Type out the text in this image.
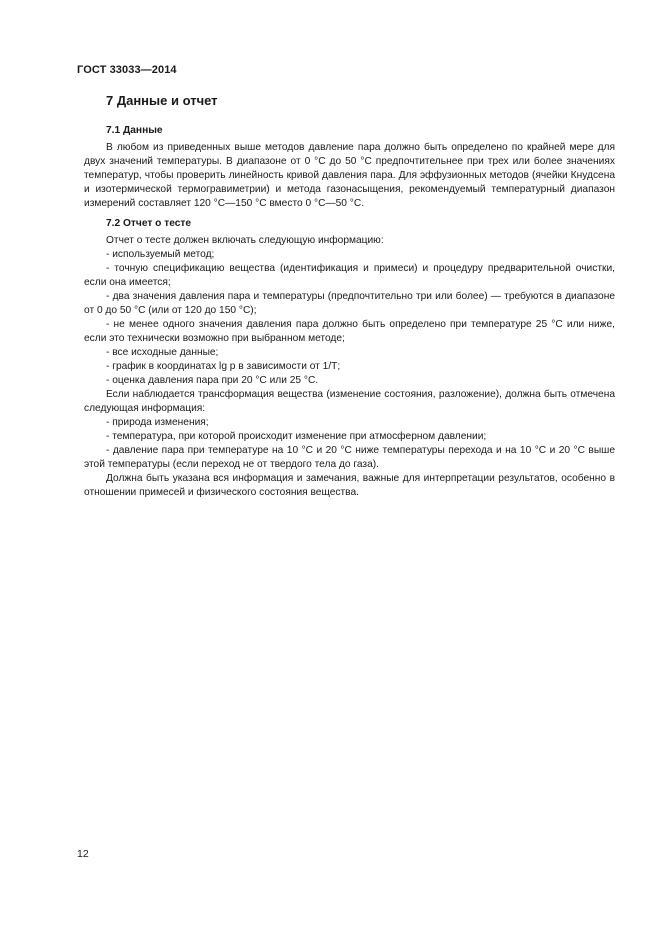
ГОСТ 33033—2014
7 Данные и отчет
7.1 Данные

В любом из приведенных выше методов давление пара должно быть определено по крайней мере для двух значений температуры. В диапазоне от 0 °С до 50 °С предпочтительнее при трех или более значениях температур, чтобы проверить линейность кривой давления пара. Для эффузионных методов (ячейки Кнудсена и изотермической термогравиметрии) и метода газонасыщения, рекомендуемый температурный диапазон измерений составляет 120 °С—150 °С вместо 0 °С—50 °С.

7.2 Отчет о тесте

Отчет о тесте должен включать следующую информацию:

- используемый метод;

- точную спецификацию вещества (идентификация и примеси) и процедуру предварительной очистки, если она имеется;

- два значения давления пара и температуры (предпочтительно три или более) — требуются в диапазоне от 0 до 50 °С (или от 120 до 150 °С);

- не менее одного значения давления пара должно быть определено при температуре 25 °С или ниже, если это технически возможно при выбранном методе;

- все исходные данные;

- график в координатах lg p в зависимости от 1/Т;

- оценка давления пара при 20 °С или 25 °С.

Если наблюдается трансформация вещества (изменение состояния, разложение), должна быть отмечена следующая информация:

- природа изменения;

- температура, при которой происходит изменение при атмосферном давлении;

- давление пара при температуре на 10 °С и 20 °С ниже температуры перехода и на 10 °С и 20 °С выше этой температуры (если переход не от твердого тела до газа).

Должна быть указана вся информация и замечания, важные для интерпретации результатов, особенно в отношении примесей и физического состояния вещества.

12
